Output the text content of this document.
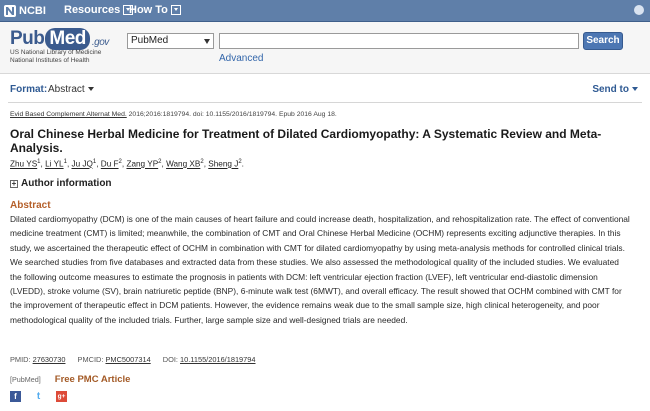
NCBI Resources How To
Pub Med .gov
US National Library of Medicine
National Institutes of Health
PubMed	Search
Advanced
Format: Abstract	Send to
Evid Based Complement Alternat Med. 2016;2016:1819794. doi: 10.1155/2016/1819794. Epub 2016 Aug 18.
Oral Chinese Herbal Medicine for Treatment of Dilated Cardiomyopathy: A Systematic Review and Meta-Analysis.
Zhu $YS^1$, Li $YL^1$, Ju $JQ^1$, Du $F^2$, Zang $YP^2$, Wang $XB^2$, Sheng $J^2$.
+ Author information
Abstract
Dilated cardiomyopathy (DCM) is one of the main causes of heart failure and could increase death, hospitalization, and rehospitalization rate. The effect of conventional medicine treatment (CMT) is limited; meanwhile, the combination of CMT and Oral Chinese Herbal Medicine (OCHM) represents exciting adjunctive therapies. In this study, we ascertained the therapeutic effect of OCHM in combination with CMT for dilated cardiomyopathy by using meta-analysis methods for controlled clinical trials. We searched studies from five databases and extracted data from these studies. We also assessed the methodological quality of the included studies. We evaluated the following outcome measures to estimate the prognosis in patients with DCM: left ventricular ejection fraction (LVEF), left ventricular end-diastolic dimension (LVEDD), stroke volume (SV), brain natriuretic peptide (BNP), 6-minute walk test (6MWT), and overall efficacy. The result showed that OCHM combined with CMT for the improvement of therapeutic effect in DCM patients. However, the evidence remains weak due to the small sample size, high clinical heterogeneity, and poor methodological quality of the included trials. Further, large sample size and well-designed trials are needed.
PMID: 27630730 PMCID: PMC5007314 DOI: 10.1155/2016/1819794
[PubMed] Free PMC Article
f	t	g+
